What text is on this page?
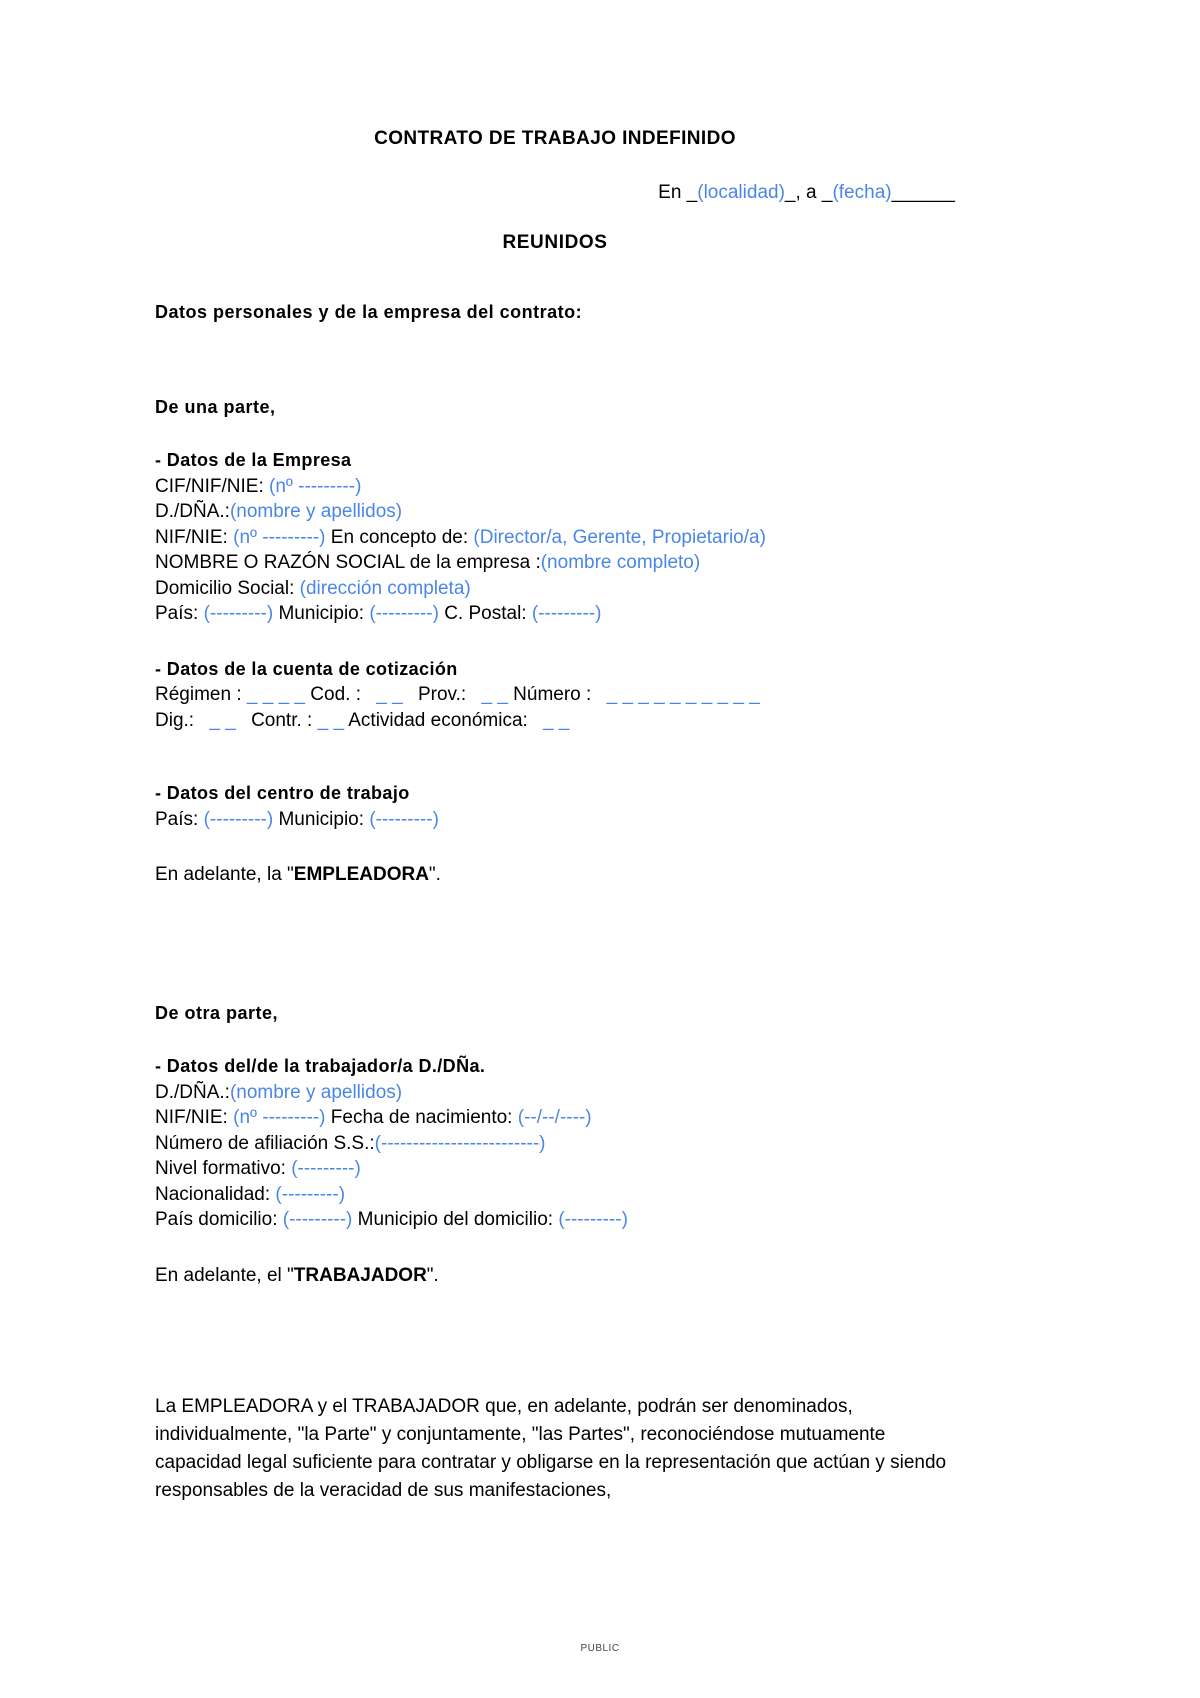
CONTRATO DE TRABAJO INDEFINIDO

En _(localidad)_, a _(fecha)______

REUNIDOS

Datos personales y de la empresa del contrato:

De una parte,

- Datos de la Empresa

CIF/NIF/NIE: (nº ---------)

D./DÑA.:(nombre y apellidos)

NIF/NIE: (nº ---------) En concepto de: (Director/a, Gerente, Propietario/a)

NOMBRE O RAZÓN SOCIAL de la empresa :(nombre completo)

Domicilio Social: (dirección completa)

País: (---------) Municipio: (---------) C. Postal: (---------)

- Datos de la cuenta de cotización

Régimen : _ _ _ _ Cod. : _ _ Prov.: _ _ Número : _ _ _ _ _ _ _ _ _ _

Dig.: _ _ Contr. : _ _ Actividad económica: _ _

- Datos del centro de trabajo

País: (---------) Municipio: (---------)

En adelante, la "EMPLEADORA".

De otra parte,

- Datos del/de la trabajador/a D./DÑa.

D./DÑA.:(nombre y apellidos)

NIF/NIE: (nº ---------) Fecha de nacimiento: (--/--/----)

Número de afiliación S.S.:(-------------------------)

Nivel formativo: (---------)

Nacionalidad: (---------)

País domicilio: (---------) Municipio del domicilio: (---------)

En adelante, el "TRABAJADOR".

La EMPLEADORA y el TRABAJADOR que, en adelante, podrán ser denominados, individualmente, "la Parte" y conjuntamente, "las Partes", reconociéndose mutuamente capacidad legal suficiente para contratar y obligarse en la representación que actúan y siendo responsables de la veracidad de sus manifestaciones,

PUBLIC
